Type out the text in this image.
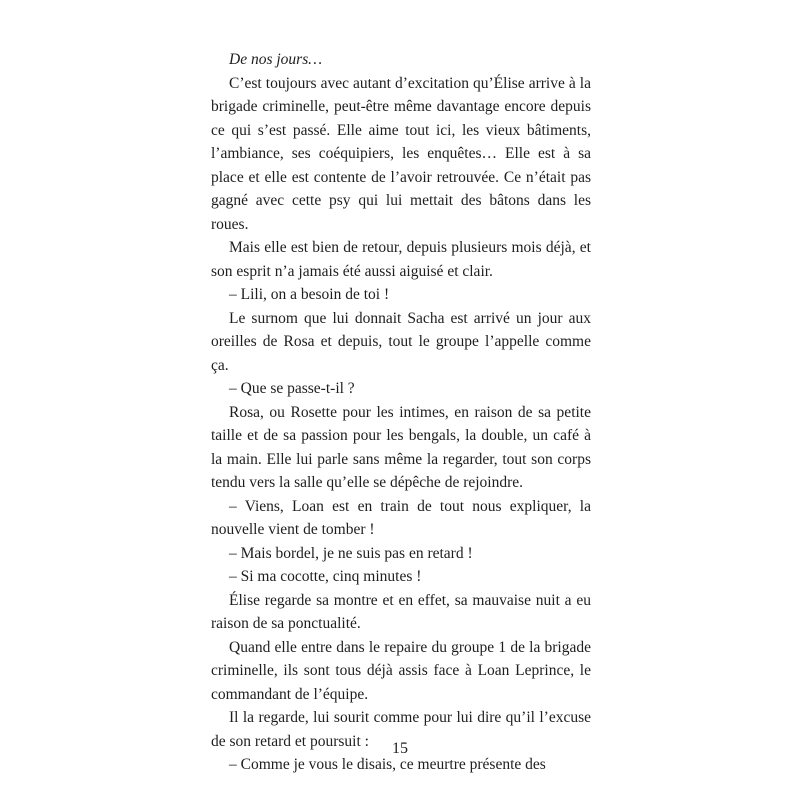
De nos jours…

C’est toujours avec autant d’excitation qu’Élise arrive à la brigade criminelle, peut-être même davantage encore depuis ce qui s’est passé. Elle aime tout ici, les vieux bâtiments, l’ambiance, ses coéquipiers, les enquêtes… Elle est à sa place et elle est contente de l’avoir retrouvée. Ce n’était pas gagné avec cette psy qui lui mettait des bâtons dans les roues.

Mais elle est bien de retour, depuis plusieurs mois déjà, et son esprit n’a jamais été aussi aiguisé et clair.

– Lili, on a besoin de toi !

Le surnom que lui donnait Sacha est arrivé un jour aux oreilles de Rosa et depuis, tout le groupe l’appelle comme ça.

– Que se passe-t-il ?

Rosa, ou Rosette pour les intimes, en raison de sa petite taille et de sa passion pour les bengals, la double, un café à la main. Elle lui parle sans même la regarder, tout son corps tendu vers la salle qu’elle se dépêche de rejoindre.

– Viens, Loan est en train de tout nous expliquer, la nouvelle vient de tomber !

– Mais bordel, je ne suis pas en retard !

– Si ma cocotte, cinq minutes !

Élise regarde sa montre et en effet, sa mauvaise nuit a eu raison de sa ponctualité.

Quand elle entre dans le repaire du groupe 1 de la brigade criminelle, ils sont tous déjà assis face à Loan Leprince, le commandant de l’équipe.

Il la regarde, lui sourit comme pour lui dire qu’il l’excuse de son retard et poursuit :

– Comme je vous le disais, ce meurtre présente des

15
